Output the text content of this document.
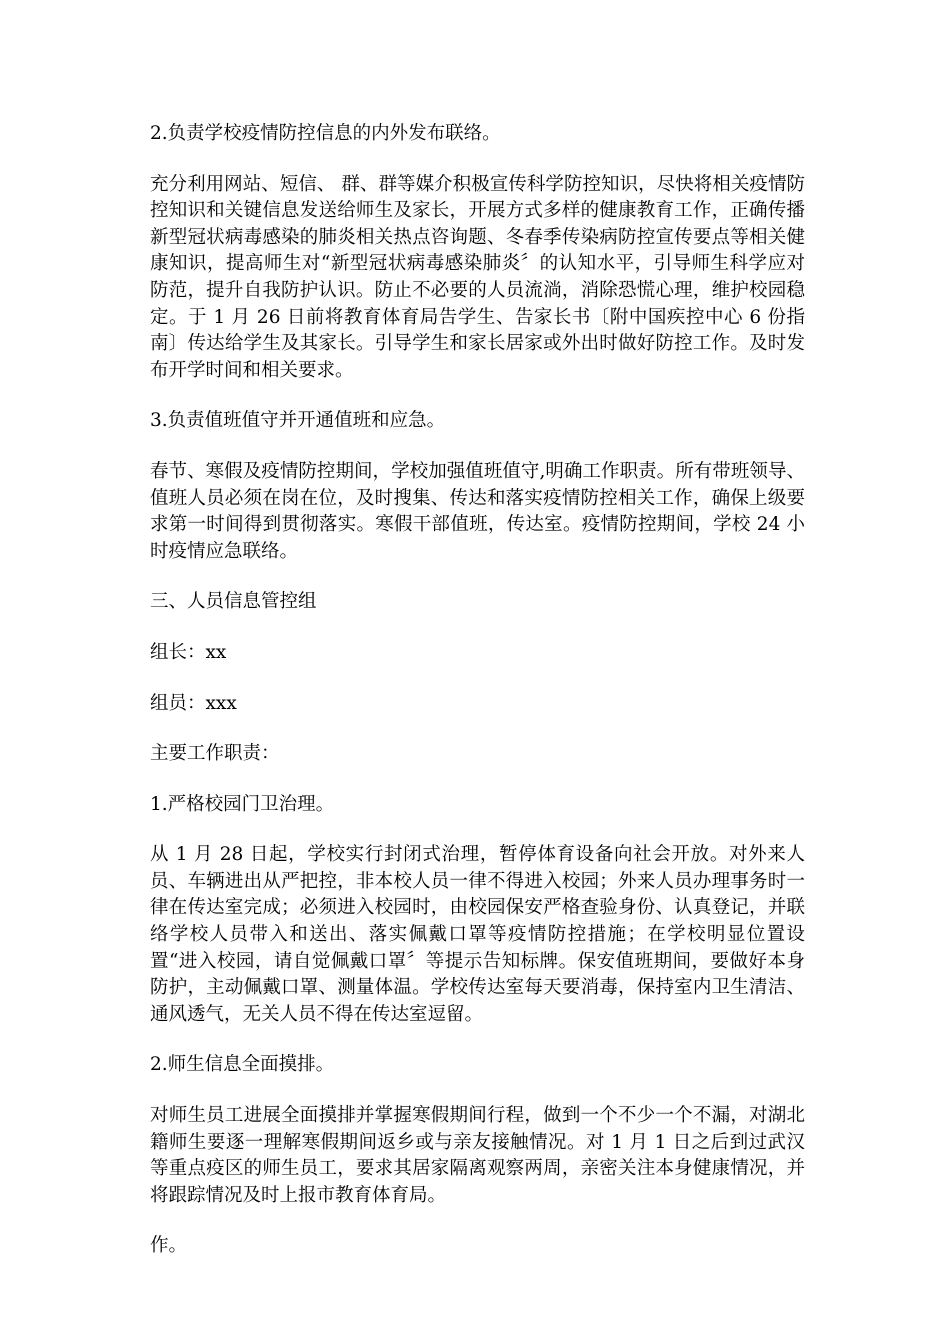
2.负责学校疫情防控信息的内外发布联络。

充分利用网站、短信、 群、群等媒介积极宣传科学防控知识，尽快将相关疫情防控知识和关键信息发送给师生及家长，开展方式多样的健康教育工作，正确传播新型冠状病毒感染的肺炎相关热点咨询题、冬春季传染病防控宣传要点等相关健康知识，提高师生对“新型冠状病毒感染肺炎〞的认知水平，引导师生科学应对防范，提升自我防护认识。防止不必要的人员流淌，消除恐慌心理，维护校园稳定。于 1 月 26 日前将教育体育局告学生、告家长书〔附中国疾控中心 6 份指南〕传达给学生及其家长。引导学生和家长居家或外出时做好防控工作。及时发布开学时间和相关要求。

3.负责值班值守并开通值班和应急。

春节、寒假及疫情防控期间，学校加强值班值守,明确工作职责。所有带班领导、值班人员必须在岗在位，及时搜集、传达和落实疫情防控相关工作，确保上级要求第一时间得到贯彻落实。寒假干部值班，传达室。疫情防控期间，学校 24 小时疫情应急联络。

三、人员信息管控组

组长：xx

组员：xxx

主要工作职责：

1.严格校园门卫治理。

从 1 月 28 日起，学校实行封闭式治理，暂停体育设备向社会开放。对外来人员、车辆进出从严把控，非本校人员一律不得进入校园；外来人员办理事务时一律在传达室完成；必须进入校园时，由校园保安严格查验身份、认真登记，并联络学校人员带入和送出、落实佩戴口罩等疫情防控措施；在学校明显位置设置“进入校园，请自觉佩戴口罩〞等提示告知标牌。保安值班期间，要做好本身防护，主动佩戴口罩、测量体温。学校传达室每天要消毒，保持室内卫生清洁、通风透气，无关人员不得在传达室逗留。

2.师生信息全面摸排。

对师生员工进展全面摸排并掌握寒假期间行程，做到一个不少一个不漏，对湖北籍师生要逐一理解寒假期间返乡或与亲友接触情况。对 1 月 1 日之后到过武汉等重点疫区的师生员工，要求其居家隔离观察两周，亲密关注本身健康情况，并将跟踪情况及时上报市教育体育局。

作。
